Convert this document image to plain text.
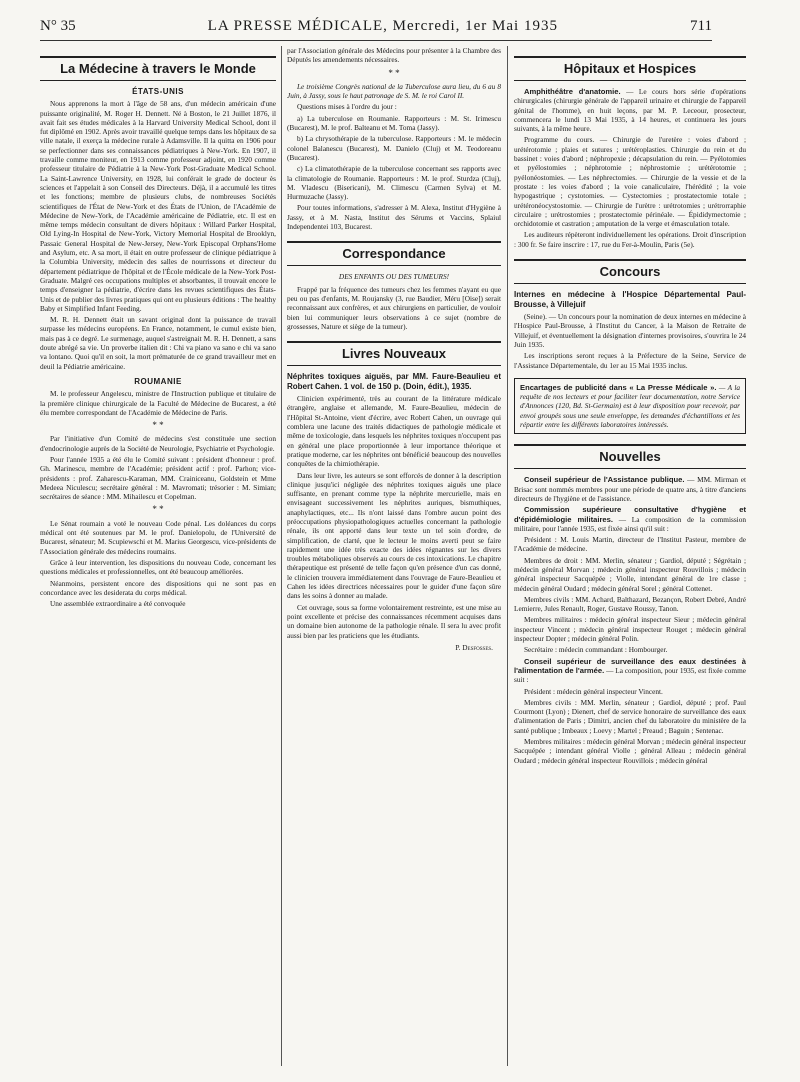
N° 35	LA PRESSE MÉDICALE, Mercredi, 1er Mai 1935	711
La Médecine à travers le Monde
ÉTATS-UNIS

Nous apprenons la mort à l'âge de 58 ans, d'un médecin américain d'une puissante originalité, M. Roger H. Dennett. Né à Boston, le 21 Juillet 1876, il avait fait ses études médicales à la Harvard University Medical School, dont il fut diplômé en 1902. Après avoir travaillé quelque temps dans les hôpitaux de sa ville natale, il exerça la médecine rurale à Adamsville. Il la quitta en 1906 pour se perfectionner dans ses connaissances pédiatriques à New-York. En 1907, il travaille comme moniteur, en 1913 comme professeur adjoint, en 1920 comme professeur titulaire de Pédiatrie à la New-York Post-Graduate Medical School. La Saint-Lawrence University, en 1928, lui conférait le grade de docteur ès sciences et l'appelait à son Conseil des Directeurs. Déjà, il a accumulé les titres et les fonctions; membre de plusieurs clubs, de nombreuses Sociétés scientifiques de l'État de New-York et des États de l'Union, de l'Académie de Médecine de New-York, de l'Académie américaine de Pédiatrie, etc. Il est en même temps médecin consultant de divers hôpitaux : Willard Parker Hospital, Old Lying-In Hospital de New-York, Victory Memorial Hospital de Brooklyn, Passaic General Hospital de New-Jersey, New-York Episcopal Orphans'Home and Asylum, etc. A sa mort, il était en outre professeur de clinique pédiatrique à la Columbia University, médecin des salles de nourrissons et directeur du département pédiatrique de l'hôpital et de l'École médicale de la New-York Post-Graduate. Malgré ces occupations multiples et absorbantes, il trouvait encore le temps d'enseigner la pédiatrie, d'écrire dans les revues scientifiques des États-Unis et de publier des livres pratiques qui ont eu plusieurs éditions : The healthy Baby et Simplified Infant Feeding.

M. R. H. Dennett était un savant original dont la puissance de travail surpasse les médecins européens. En France, notamment, le cumul existe bien, mais pas à ce degré. Le surmenage, auquel s'astreignait M. R. H. Dennett, a sans doute abrégé sa vie. Un proverbe italien dit : Chi va piano va sano e chi va sano va lontano. Quoi qu'il en soit, la mort prématurée de ce grand travailleur met en deuil la Pédiatrie américaine.

ROUMANIE

M. le professeur Angelescu, ministre de l'Instruction publique et titulaire de la première clinique chirurgicale de la Faculté de Médecine de Bucarest, a été élu membre correspondant de l'Académie de Médecine de Paris.

* *

Par l'initiative d'un Comité de médecins s'est constituée une section d'endocrinologie auprès de la Société de Neurologie, Psychiatrie et Psychologie.

Pour l'année 1935 a été élu le Comité suivant : président d'honneur : prof. Gh. Marinescu, membre de l'Académie; président actif : prof. Parhon; vice-présidents : prof. Zaharescu-Karaman, MM. Crainiceanu, Goldstein et Mme Medeea Niculescu; secrétaire général : M. Mavromati; trésorier : M. Simian; secrétaires de séance : MM. Mihailescu et Copelman.

* *

Le Sénat roumain a voté le nouveau Code pénal. Les doléances du corps médical ont été soutenues par M. le prof. Danielopolu, de l'Université de Bucarest, sénateur; M. Scupiewschi et M. Marius Georgescu, vice-présidents de l'Association générale des médecins roumains.

Grâce à leur intervention, les dispositions du nouveau Code, concernant les questions médicales et professionnelles, ont été beaucoup améliorées.

Néanmoins, persistent encore des dispositions qui ne sont pas en concordance avec les desiderata du corps médical.

Une assemblée extraordinaire a été convoquée

par l'Association générale des Médecins pour présenter à la Chambre des Députés les amendements nécessaires.

* *

Le troisième Congrès national de la Tuberculose aura lieu, du 6 au 8 Juin, à Jassy, sous le haut patronage de S. M. le roi Carol II.

Questions mises à l'ordre du jour :

a) La tuberculose en Roumanie. Rapporteurs : M. St. Irimescu (Bucarest), M. le prof. Balteanu et M. Toma (Jassy).

b) La chrysothérapie de la tuberculose. Rapporteurs : M. le médecin colonel Balanescu (Bucarest), M. Danielo (Cluj) et M. Teodoreanu (Bucarest).

c) La climatothérapie de la tuberculose concernant ses rapports avec la climatologie de Roumanie. Rapporteurs : M. le prof. Sturdza (Cluj), M. Vladescu (Bisericani), M. Climescu (Carmen Sylva) et M. Hurmuzache (Jassy).

Pour toutes informations, s'adresser à M. Alexa, Institut d'Hygiène à Jassy, et à M. Nasta, Institut des Sérums et Vaccins, Splaiul Independentei 103, Bucarest.

Correspondance
DES ENFANTS OU DES TUMEURS!

Frappé par la fréquence des tumeurs chez les femmes n'ayant eu que peu ou pas d'enfants, M. Roujansky (3, rue Baudier, Méru [Oise]) serait reconnaissant aux confrères, et aux chirurgiens en particulier, de vouloir bien lui communiquer leurs observations à ce sujet (nombre de grossesses, Nature et siège de la tumeur).

Livres Nouveaux

Néphrites toxiques aiguës, par MM. Faure-Beaulieu et Robert Cahen. 1 vol. de 150 p. (Doin, édit.), 1935.

Clinicien expérimenté, très au courant de la littérature médicale étrangère, anglaise et allemande, M. Faure-Beaulieu, médecin de l'Hôpital St-Antoine, vient d'écrire, avec Robert Cahen, un ouvrage qui comblera une lacune des traités didactiques de pathologie médicale et même de toxicologie, dans lesquels les néphrites toxiques n'occupent pas en général une place proportionnée à leur importance théorique et pratique moderne, car les néphrites ont bénéficié beaucoup des nouvelles conquêtes de la chimiothérapie.

Dans leur livre, les auteurs se sont efforcés de donner à la description clinique jusqu'ici négligée des néphrites toxiques aiguës une place suffisante, en prenant comme type la néphrite mercurielle, mais en envisageant successivement les néphrites auriques, bismuthiques, anaphylactiques, etc... Ils n'ont laissé dans l'ombre aucun point des préoccupations physiopathologiques actuelles concernant la pathologie rénale, ils ont apporté dans leur texte un tel soin d'ordre, de simplification, de clarté, que le lecteur le moins averti peut se faire rapidement une idée très exacte des idées régnantes sur les divers troubles métaboliques observés au cours de ces intoxications. Le chapitre thérapeutique est présenté de telle façon qu'en présence d'un cas donné, le clinicien trouvera immédiatement dans l'ouvrage de Faure-Beaulieu et Cahen les idées directrices nécessaires pour le guider d'une façon sûre dans les soins à donner au malade.

Cet ouvrage, sous sa forme volontairement restreinte, est une mise au point excellente et précise des connaissances récemment acquises dans un domaine bien autonome de la pathologie rénale. Il sera lu avec profit aussi bien par les praticiens que les étudiants.

P. Desfosses.
Hôpitaux et Hospices

Amphithéâtre d'anatomie. — Le cours hors série d'opérations chirurgicales (chirurgie générale de l'appareil urinaire et chirurgie de l'appareil génital de l'homme), en huit leçons, par M. P. Leceour, prosecteur, commencera le lundi 13 Mai 1935, à 14 heures, et continuera les jours suivants, à la même heure.

Programme du cours. — Chirurgie de l'uretère : voies d'abord ; urétérotomie ; plaies et sutures ; urétéroplasties. Chirurgie du rein et du bassinet : voies d'abord ; néphropexie ; décapsulation du rein. — Pyélotomies et pyélostomies ; néphrotomie ; néphrostomie ; urétérotomie ; pyélonéostomies. — Les néphrectomies. — Chirurgie de la vessie et de la prostate : les voies d'abord ; la voie canaliculaire, l'hérédité ; la voie hypogastrique ; cystotomies. — Cystectomies ; prostatectomie totale ; urétéronéocystostomie. — Chirurgie de l'urètre : urétrotomies ; urétrorraphie circulaire ; urétrostomies ; prostatectomie périnéale. — Épididymectomie ; orchidotomie et castration ; amputation de la verge et émasculation totale.

Les auditeurs répèteront individuellement les opérations. Droit d'inscription : 300 fr. Se faire inscrire : 17, rue du Fer-à-Moulin, Paris (5e).

Concours

Internes en médecine à l'Hospice Départemental Paul-Brousse, à Villejuif

(Seine). — Un concours pour la nomination de deux internes en médecine à l'Hospice Paul-Brousse, à l'Institut du Cancer, à la Maison de Retraite de Villejuif, et éventuellement la désignation d'internes provisoires, s'ouvrira le 24 Juin 1935.

Les inscriptions seront reçues à la Préfecture de la Seine, Service de l'Assistance Départementale, du 1er au 15 Mai 1935 inclus.

Encartages de publicité dans « La Presse Médicale ». — A la requête de nos lecteurs et pour faciliter leur documentation, notre Service d'Annonces (120, Bd. St-Germain) est à leur disposition pour recevoir, par envoi groupés sous une seule enveloppe, les demandes d'échantillons et les répartir entre les différents laboratoires intéressés.
Nouvelles

Conseil supérieur de l'Assistance publique. — MM. Mirman et Brisac sont nommés membres pour une période de quatre ans, à titre d'anciens directeurs de l'hygiène et de l'assistance.

Commission supérieure consultative d'hygiène et d'épidémiologie militaires. — La composition de la commission militaire, pour l'année 1935, est fixée ainsi qu'il suit :

Président : M. Louis Martin, directeur de l'Institut Pasteur, membre de l'Académie de médecine.

Membres de droit : MM. Merlin, sénateur ; Gardiol, député ; Ségrétain ; médecin général Morvan ; médecin général inspecteur Rouvillois ; médecin général inspecteur Sacquépée ; Violle, intendant général de 1re classe ; médecin général Oudard ; médecin général Sorel ; général Cottenet.

Membres civils : MM. Achard, Balthazard, Bezançon, Robert Debré, André Lemierre, Jules Renault, Roger, Gustave Roussy, Tanon.

Membres militaires : médecin général inspecteur Sieur ; médecin général inspecteur Vincent ; médecin général inspecteur Rouget ; médecin général inspecteur Dopter ; médecin général Polin.

Secrétaire : médecin commandant : Hombourger.

Conseil supérieur de surveillance des eaux destinées à l'alimentation de l'armée. — La composition, pour 1935, est fixée comme suit :

Président : médecin général inspecteur Vincent.

Membres civils : MM. Merlin, sénateur ; Gardiol, député ; prof. Paul Courmont (Lyon) ; Dienert, chef de service honoraire de surveillance des eaux d'alimentation de Paris ; Dimitri, ancien chef du laboratoire du ministère de la santé publique ; Imbeaux ; Loevy ; Martel ; Preaud ; Baguin ; Sentenac.

Membres militaires : médecin général Morvan ; médecin général inspecteur Sacquépée ; intendant général Violle ; général Alleau ; médecin général Oudard ; médecin général inspecteur Rouvillois ; médecin général
